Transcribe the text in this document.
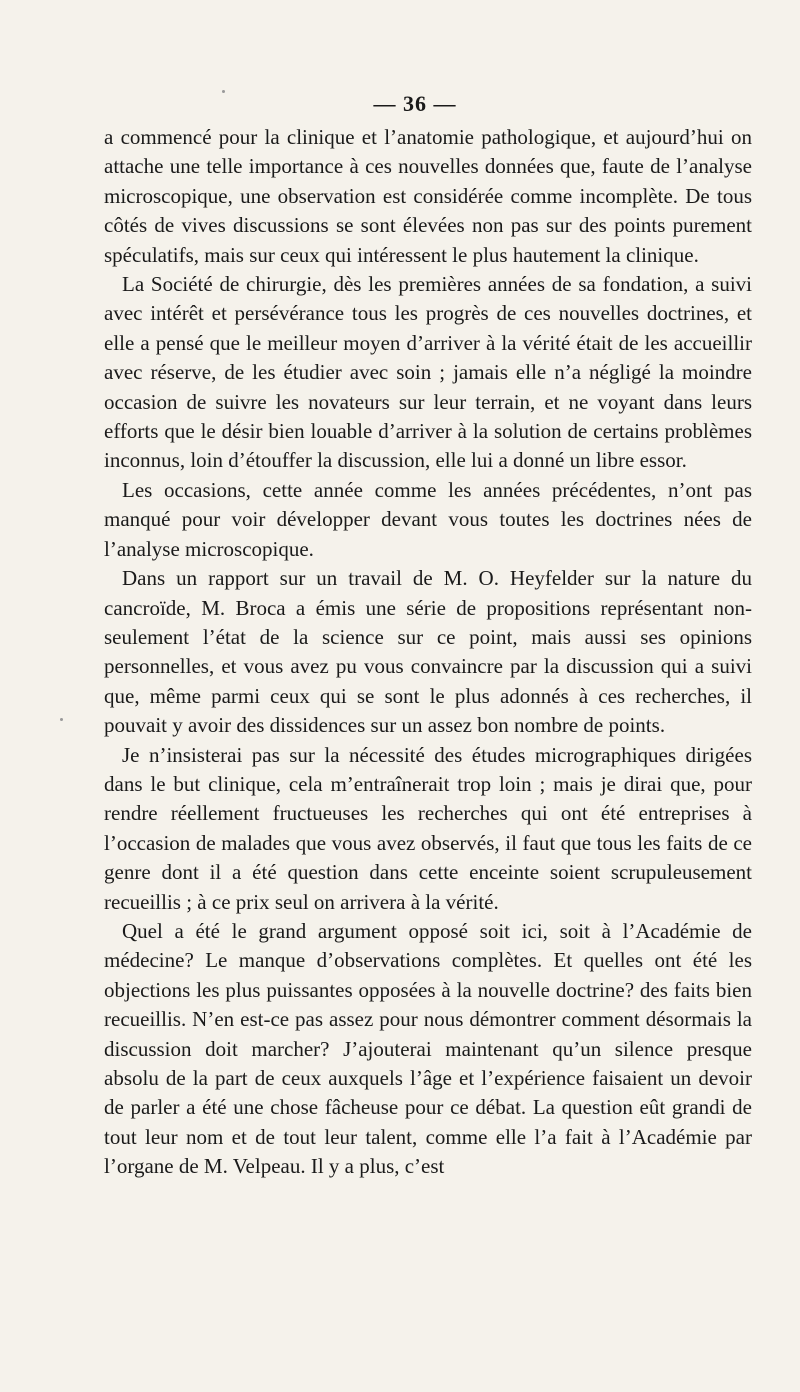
— 36 —

a commencé pour la clinique et l’anatomie pathologique, et aujourd’hui on attache une telle importance à ces nouvelles données que, faute de l’analyse microscopique, une observation est considérée comme incomplète. De tous côtés de vives discussions se sont élevées non pas sur des points purement spéculatifs, mais sur ceux qui intéressent le plus hautement la clinique.

La Société de chirurgie, dès les premières années de sa fondation, a suivi avec intérêt et persévérance tous les progrès de ces nouvelles doctrines, et elle a pensé que le meilleur moyen d’arriver à la vérité était de les accueillir avec réserve, de les étudier avec soin ; jamais elle n’a négligé la moindre occasion de suivre les novateurs sur leur terrain, et ne voyant dans leurs efforts que le désir bien louable d’arriver à la solution de certains problèmes inconnus, loin d’étouffer la discussion, elle lui a donné un libre essor.

Les occasions, cette année comme les années précédentes, n’ont pas manqué pour voir développer devant vous toutes les doctrines nées de l’analyse microscopique.

Dans un rapport sur un travail de M. O. Heyfelder sur la nature du cancroïde, M. Broca a émis une série de propositions représentant non-seulement l’état de la science sur ce point, mais aussi ses opinions personnelles, et vous avez pu vous convaincre par la discussion qui a suivi que, même parmi ceux qui se sont le plus adonnés à ces recherches, il pouvait y avoir des dissidences sur un assez bon nombre de points.

Je n’insisterai pas sur la nécessité des études micrographiques dirigées dans le but clinique, cela m’entraînerait trop loin ; mais je dirai que, pour rendre réellement fructueuses les recherches qui ont été entreprises à l’occasion de malades que vous avez observés, il faut que tous les faits de ce genre dont il a été question dans cette enceinte soient scrupuleusement recueillis ; à ce prix seul on arrivera à la vérité.

Quel a été le grand argument opposé soit ici, soit à l’Académie de médecine? Le manque d’observations complètes. Et quelles ont été les objections les plus puissantes opposées à la nouvelle doctrine? des faits bien recueillis. N’en est-ce pas assez pour nous démontrer comment désormais la discussion doit marcher? J’ajouterai maintenant qu’un silence presque absolu de la part de ceux auxquels l’âge et l’expérience faisaient un devoir de parler a été une chose fâcheuse pour ce débat. La question eût grandi de tout leur nom et de tout leur talent, comme elle l’a fait à l’Académie par l’organe de M. Velpeau. Il y a plus, c’est
